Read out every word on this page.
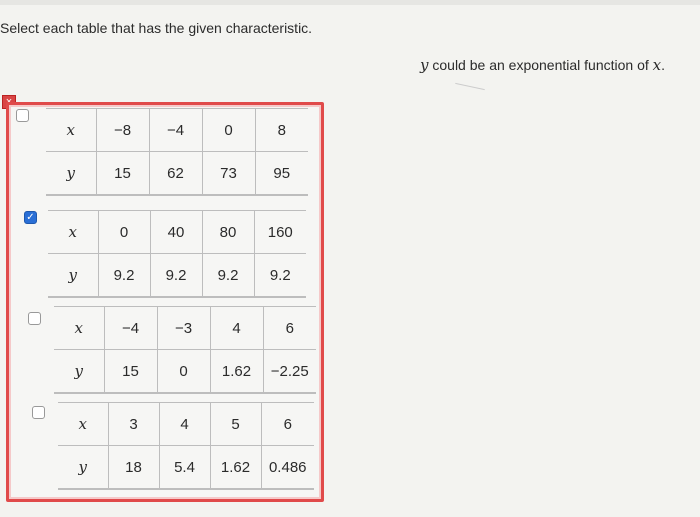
Select each table that has the given characteristic.
y could be an exponential function of x.
x	−8	−4	0	8
y	15	62	73	95
✓
x	0	40	80	160
y	9.2	9.2	9.2	9.2
x	−4	−3	4	6
y	15	0	1.62	−2.25
x	3	4	5	6
y	18	5.4	1.62	0.486
